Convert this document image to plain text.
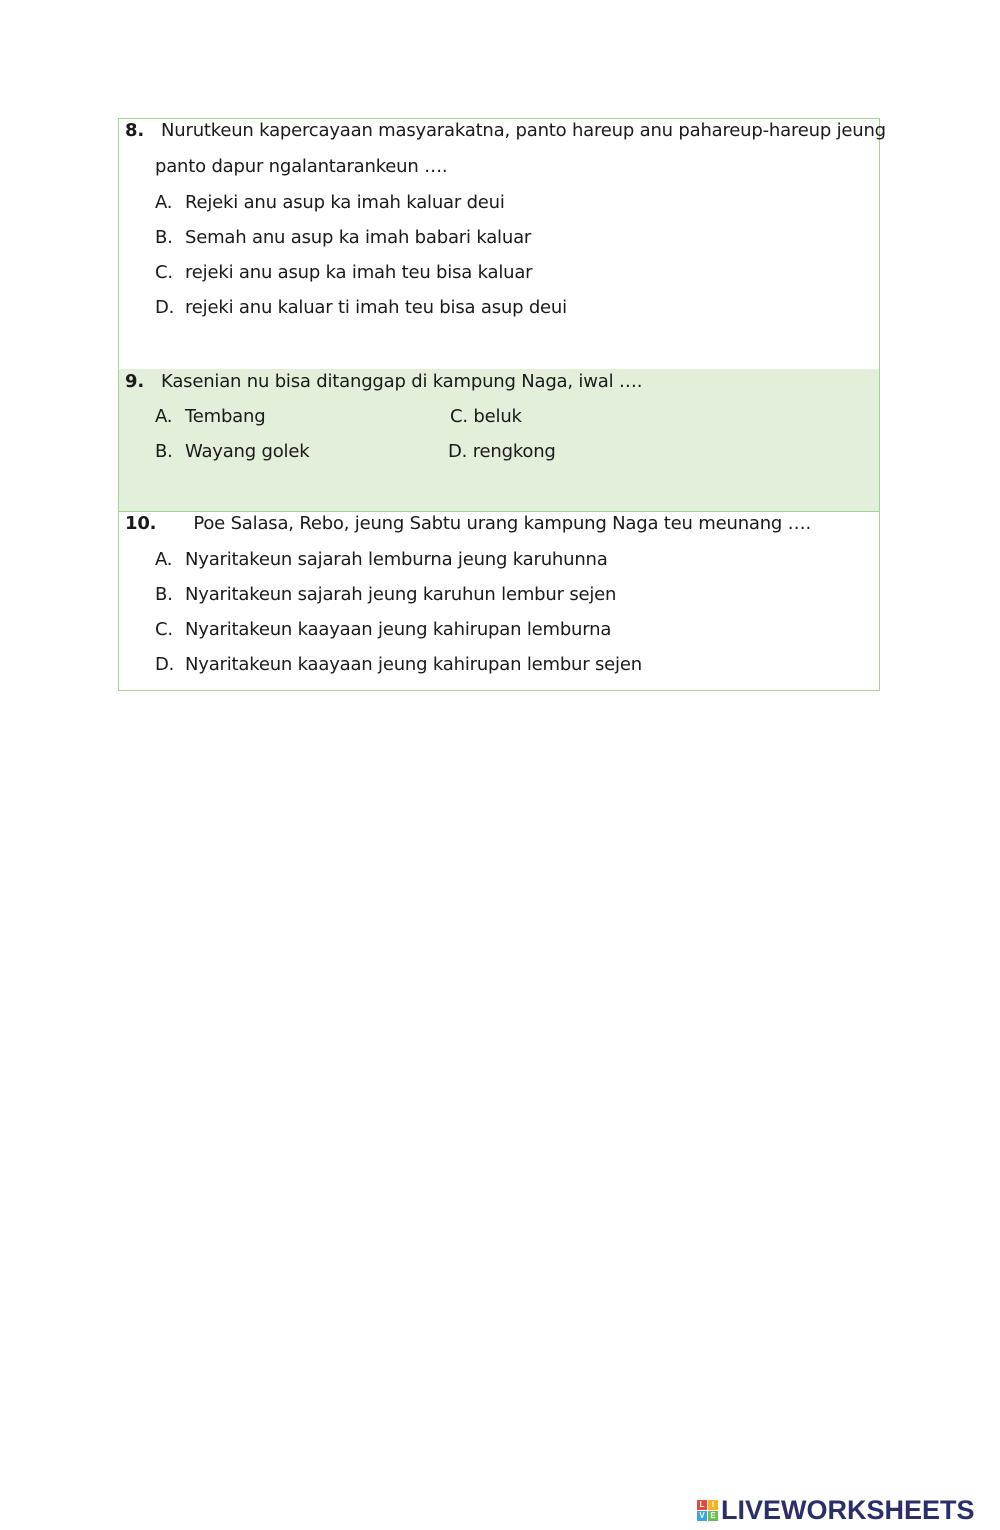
8. Nurutkeun kapercayaan masyarakatna, panto hareup anu pahareup-hareup jeung
panto dapur ngalantarankeun ….
A. Rejeki anu asup ka imah kaluar deui
B. Semah anu asup ka imah babari kaluar
C. rejeki anu asup ka imah teu bisa kaluar
D. rejeki anu kaluar ti imah teu bisa asup deui
9. Kasenian nu bisa ditanggap di kampung Naga, iwal ….
A. Tembang	C. beluk
B. Wayang golek	D. rengkong
10. Poe Salasa, Rebo, jeung Sabtu urang kampung Naga teu meunang ….
A. Nyaritakeun sajarah lemburna jeung karuhunna
B. Nyaritakeun sajarah jeung karuhun lembur sejen
C. Nyaritakeun kaayaan jeung kahirupan lemburna
D. Nyaritakeun kaayaan jeung kahirupan lembur sejen
L I
V E LIVEWORKSHEETS
